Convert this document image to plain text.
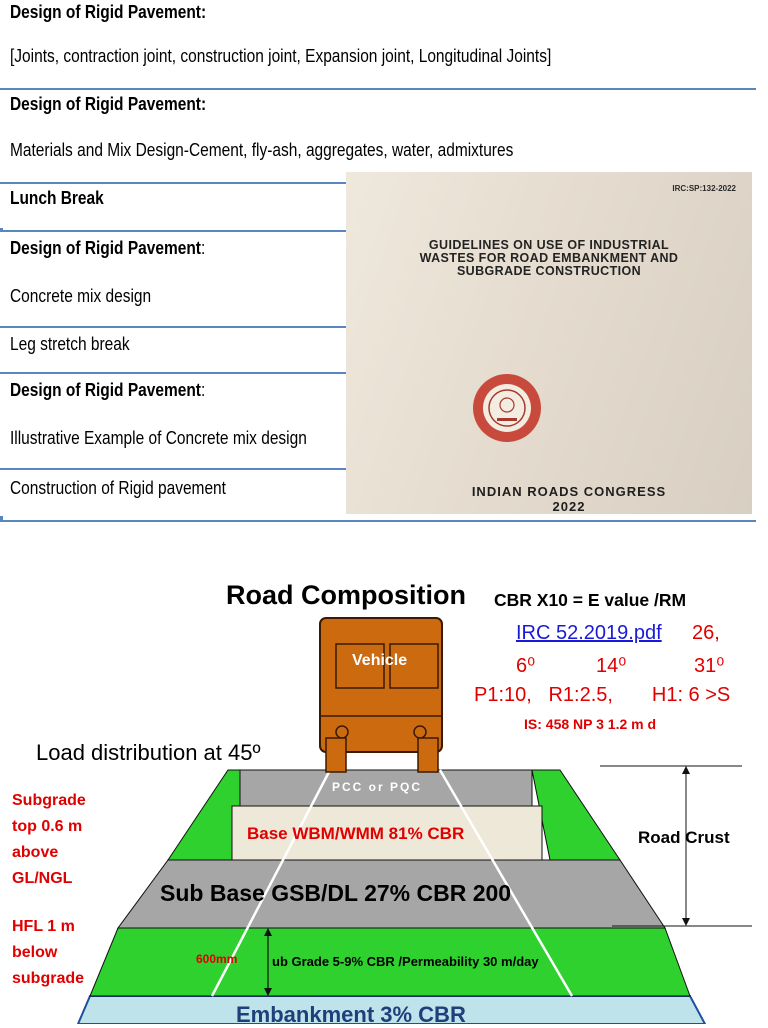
Design of Rigid Pavement:
[Joints, contraction joint, construction joint, Expansion joint, Longitudinal Joints]
Design of Rigid Pavement:
Materials and Mix Design-Cement, fly-ash, aggregates, water, admixtures
Lunch Break
Design of Rigid Pavement:
Concrete mix design
Leg stretch break
Design of Rigid Pavement:
Illustrative Example of Concrete mix design
Construction of Rigid pavement
IRC:SP:132-2022
GUIDELINES ON USE OF INDUSTRIAL
WASTES FOR ROAD EMBANKMENT AND
SUBGRADE CONSTRUCTION
INDIAN ROADS CONGRESS
2022
Road Composition CBR X10 = E value /RM
IRC 52.2019.pdf 26,
6⁰	14⁰	31⁰
P1:10,   R1:2.5,       H1: 6 >S
IS: 458 NP 3 1.2 m d
Vehicle
Load distribution at 45º
PCC or PQC
Base WBM/WMM 81% CBR
Sub Base GSB/DL 27% CBR 200
600mm	ub Grade 5-9% CBR /Permeability 30 m/day
Embankment 3% CBR
Road Crust
Subgrade
top 0.6 m
above
GL/NGL
HFL 1 m
below
subgrade
